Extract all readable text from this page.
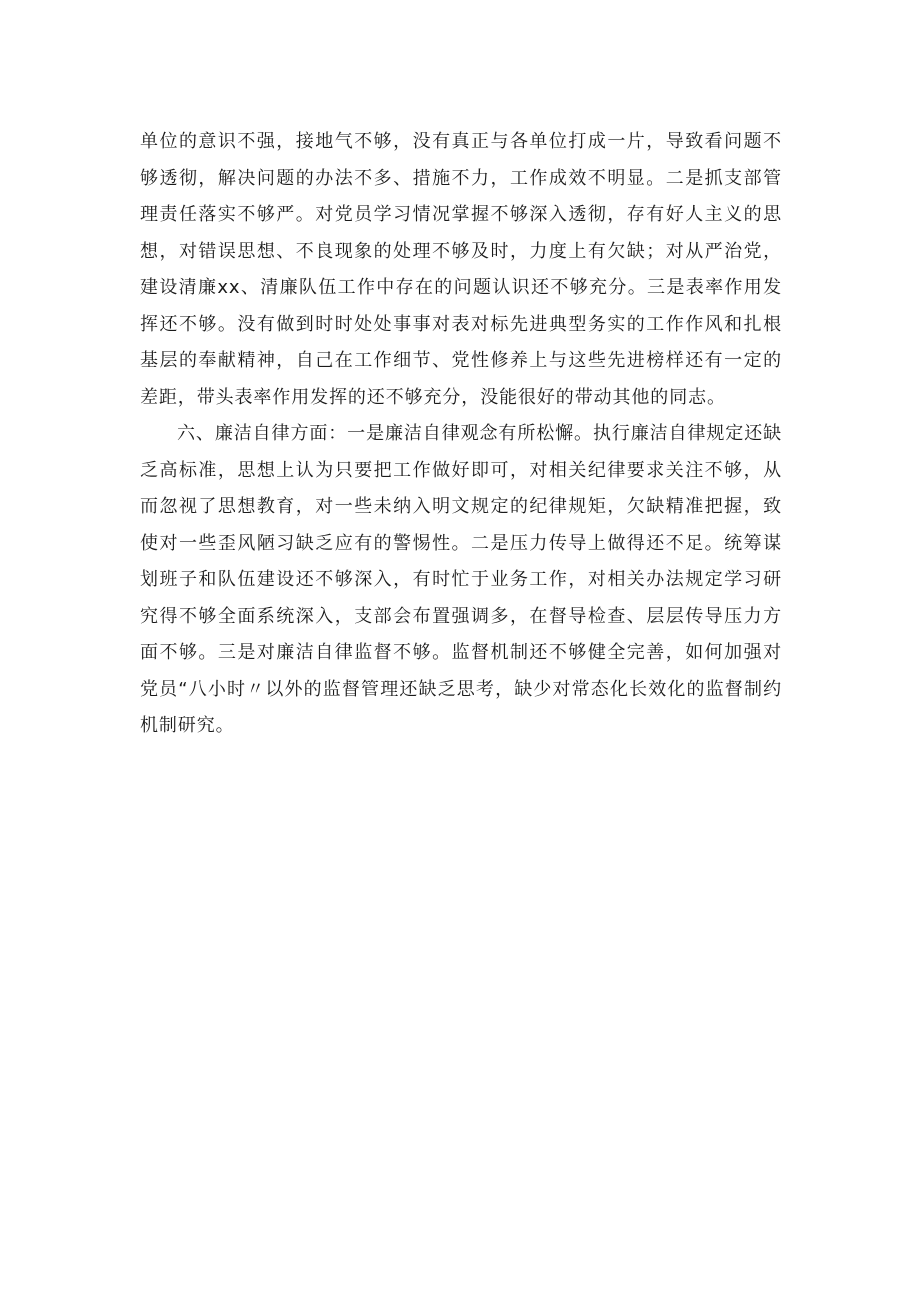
单位的意识不强，接地气不够，没有真正与各单位打成一片，导致看问题不够透彻，解决问题的办法不多、措施不力，工作成效不明显。二是抓支部管理责任落实不够严。对党员学习情况掌握不够深入透彻，存有好人主义的思想，对错误思想、不良现象的处理不够及时，力度上有欠缺；对从严治党，建设清廉xx、清廉队伍工作中存在的问题认识还不够充分。三是表率作用发挥还不够。没有做到时时处处事事对表对标先进典型务实的工作作风和扎根基层的奉献精神，自己在工作细节、党性修养上与这些先进榜样还有一定的差距，带头表率作用发挥的还不够充分，没能很好的带动其他的同志。

六、廉洁自律方面：一是廉洁自律观念有所松懈。执行廉洁自律规定还缺乏高标准，思想上认为只要把工作做好即可，对相关纪律要求关注不够，从而忽视了思想教育，对一些未纳入明文规定的纪律规矩，欠缺精准把握，致使对一些歪风陋习缺乏应有的警惕性。二是压力传导上做得还不足。统筹谋划班子和队伍建设还不够深入，有时忙于业务工作，对相关办法规定学习研究得不够全面系统深入，支部会布置强调多，在督导检查、层层传导压力方面不够。三是对廉洁自律监督不够。监督机制还不够健全完善，如何加强对党员“八小时〃以外的监督管理还缺乏思考，缺少对常态化长效化的监督制约机制研究。
